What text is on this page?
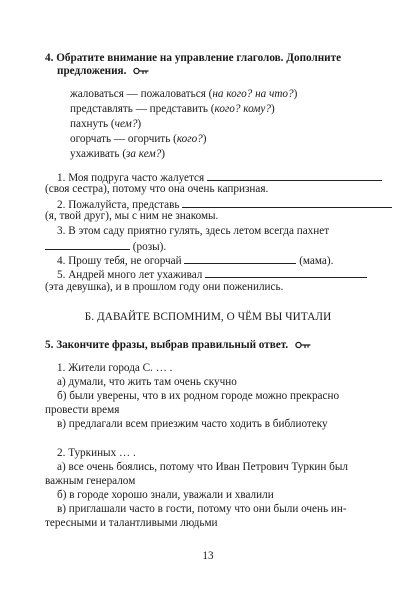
4. Обратите внимание на управление глаголов. Дополните
предложения.
жаловаться — пожаловаться (на кого? на что?)
представлять — представить (кого? кому?)
пахнуть (чем?)
огорчать — огорчить (кого?)
ухаживать (за кем?)
1. Моя подруга часто жалуется
(своя сестра), потому что она очень капризная.
2. Пожалуйста, представь
(я, твой друг), мы с ним не знакомы.
3. В этом саду приятно гулять, здесь летом всегда пахнет
(розы).
4. Прошу тебя, не огорчай	(мама).
5. Андрей много лет ухаживал
(эта девушка), и в прошлом году они поженились.
Б. ДАВАЙТЕ ВСПОМНИМ, О ЧЁМ ВЫ ЧИТАЛИ
5. Закончите фразы, выбрав правильный ответ.
1. Жители города С. … .
а) думали, что жить там очень скучно
б) были уверены, что в их родном городе можно прекрасно
провести время
в) предлагали всем приезжим часто ходить в библиотеку
2. Туркиных … .
а) все очень боялись, потому что Иван Петрович Туркин был
важным генералом
б) в городе хорошо знали, уважали и хвалили
в) приглашали часто в гости, потому что они были очень ин-
тересными и талантливыми людьми
13
